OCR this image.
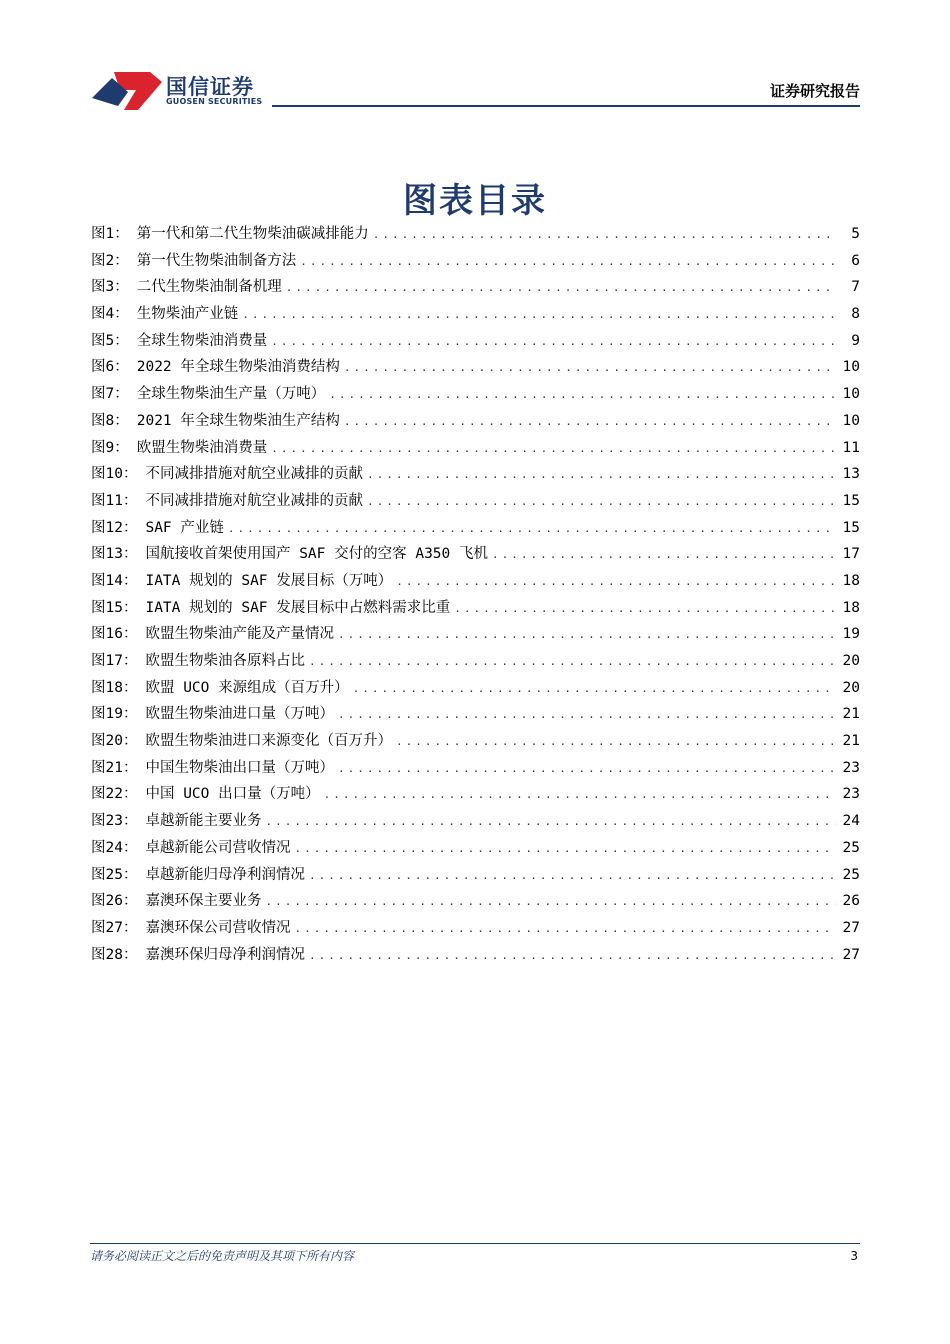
国信证券
GUOSEN SECURITIES
证券研究报告
图表目录
图1： 第一代和第二代生物柴油碳减排能力 .....	5
图2： 第一代生物柴油制备方法 .....	6
图3： 二代生物柴油制备机理 .....	7
图4： 生物柴油产业链 .....	8
图5： 全球生物柴油消费量 .....	9
图6： 2022 年全球生物柴油消费结构 .....	10
图7： 全球生物柴油生产量（万吨） .....	10
图8： 2021 年全球生物柴油生产结构 .....	10
图9： 欧盟生物柴油消费量 .....	11
图10： 不同减排措施对航空业减排的贡献 .....	13
图11： 不同减排措施对航空业减排的贡献 .....	15
图12： SAF 产业链 .....	15
图13： 国航接收首架使用国产 SAF 交付的空客 A350 飞机 .....	17
图14： IATA 规划的 SAF 发展目标（万吨） .....	18
图15： IATA 规划的 SAF 发展目标中占燃料需求比重 .....	18
图16： 欧盟生物柴油产能及产量情况 .....	19
图17： 欧盟生物柴油各原料占比 .....	20
图18： 欧盟 UCO 来源组成（百万升） .....	20
图19： 欧盟生物柴油进口量（万吨） .....	21
图20： 欧盟生物柴油进口来源变化（百万升） .....	21
图21： 中国生物柴油出口量（万吨） .....	23
图22： 中国 UCO 出口量（万吨） .....	23
图23： 卓越新能主要业务 .....	24
图24： 卓越新能公司营收情况 .....	25
图25： 卓越新能归母净利润情况 .....	25
图26： 嘉澳环保主要业务 .....	26
图27： 嘉澳环保公司营收情况 .....	27
图28： 嘉澳环保归母净利润情况 .....	27
请务必阅读正文之后的免责声明及其项下所有内容	3
